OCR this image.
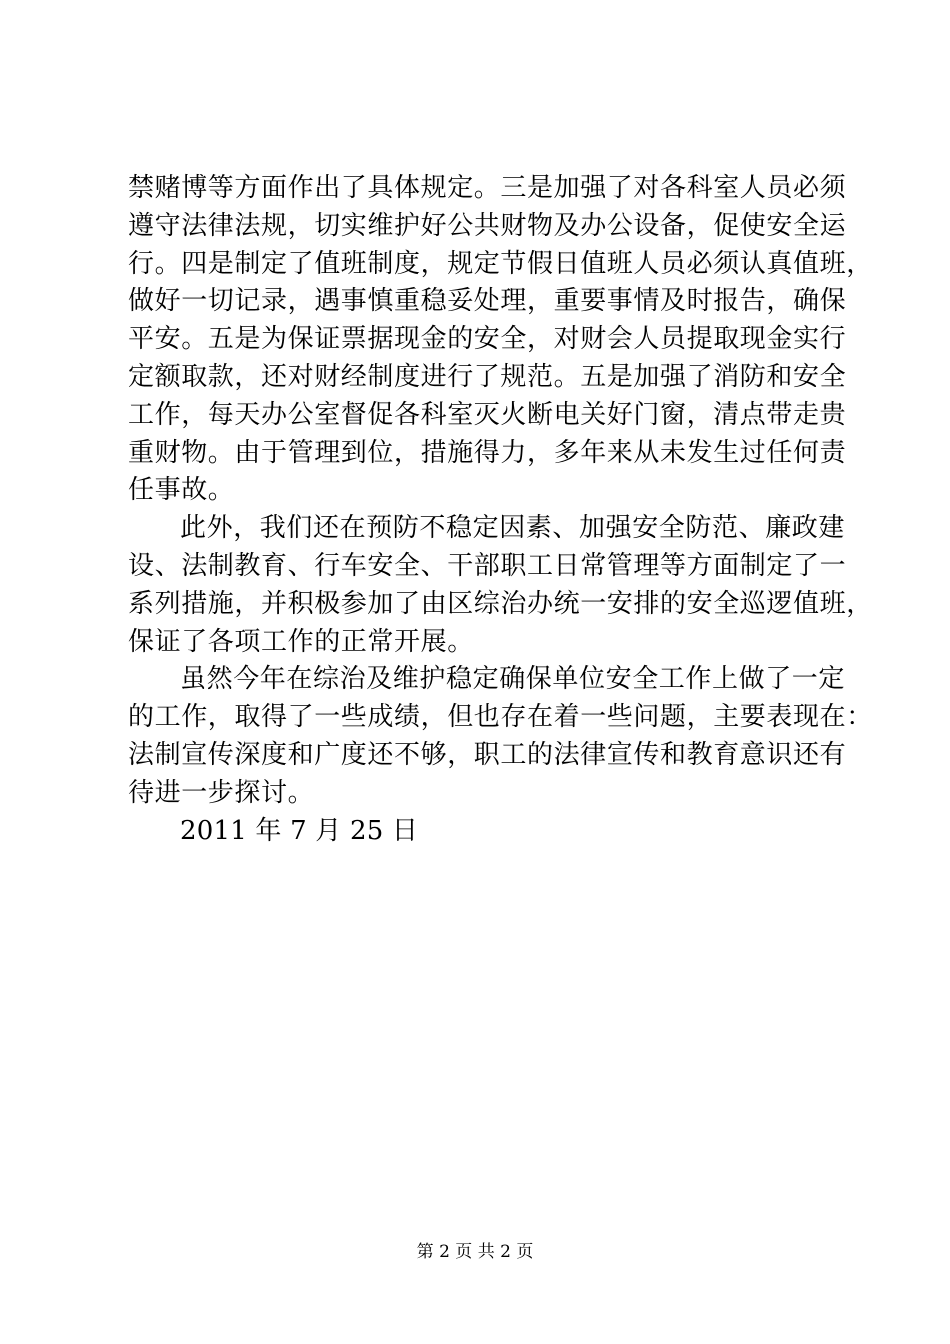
禁赌博等方面作出了具体规定。三是加强了对各科室人员必须
遵守法律法规，切实维护好公共财物及办公设备，促使安全运
行。四是制定了值班制度，规定节假日值班人员必须认真值班，
做好一切记录，遇事慎重稳妥处理，重要事情及时报告，确保
平安。五是为保证票据现金的安全，对财会人员提取现金实行
定额取款，还对财经制度进行了规范。五是加强了消防和安全
工作，每天办公室督促各科室灭火断电关好门窗，清点带走贵
重财物。由于管理到位，措施得力，多年来从未发生过任何责
任事故。
此外，我们还在预防不稳定因素、加强安全防范、廉政建
设、法制教育、行车安全、干部职工日常管理等方面制定了一
系列措施，并积极参加了由区综治办统一安排的安全巡逻值班，
保证了各项工作的正常开展。
虽然今年在综治及维护稳定确保单位安全工作上做了一定
的工作，取得了一些成绩，但也存在着一些问题，主要表现在：
法制宣传深度和广度还不够，职工的法律宣传和教育意识还有
待进一步探讨。
2011 年 7 月 25 日
第 2 页 共 2 页
